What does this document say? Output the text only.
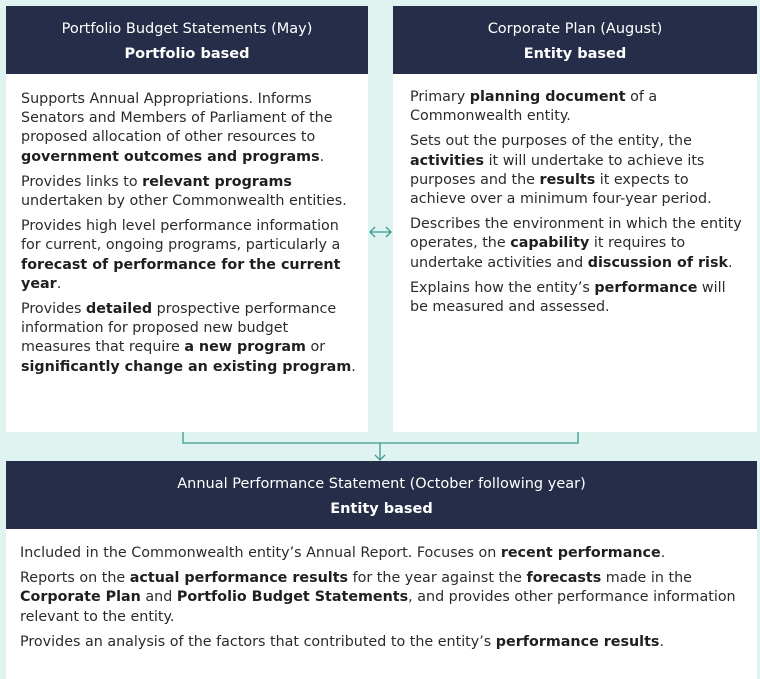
Portfolio Budget Statements (May)
Portfolio based

Supports Annual Appropriations. Informs Senators and Members of Parliament of the proposed allocation of other resources to government outcomes and programs.

Provides links to relevant programs undertaken by other Commonwealth entities.

Provides high level performance information for current, ongoing programs, particularly a forecast of performance for the current year.

Provides detailed prospective performance information for proposed new budget measures that require a new program or significantly change an existing program.

Corporate Plan (August)
Entity based

Primary planning document of a Commonwealth entity.

Sets out the purposes of the entity, the activities it will undertake to achieve its purposes and the results it expects to achieve over a minimum four-year period.

Describes the environment in which the entity operates, the capability it requires to undertake activities and discussion of risk.

Explains how the entity’s performance will be measured and assessed.

Annual Performance Statement (October following year)
Entity based

Included in the Commonwealth entity’s Annual Report. Focuses on recent performance.

Reports on the actual performance results for the year against the forecasts made in the Corporate Plan and Portfolio Budget Statements, and provides other performance information relevant to the entity.

Provides an analysis of the factors that contributed to the entity’s performance results.
